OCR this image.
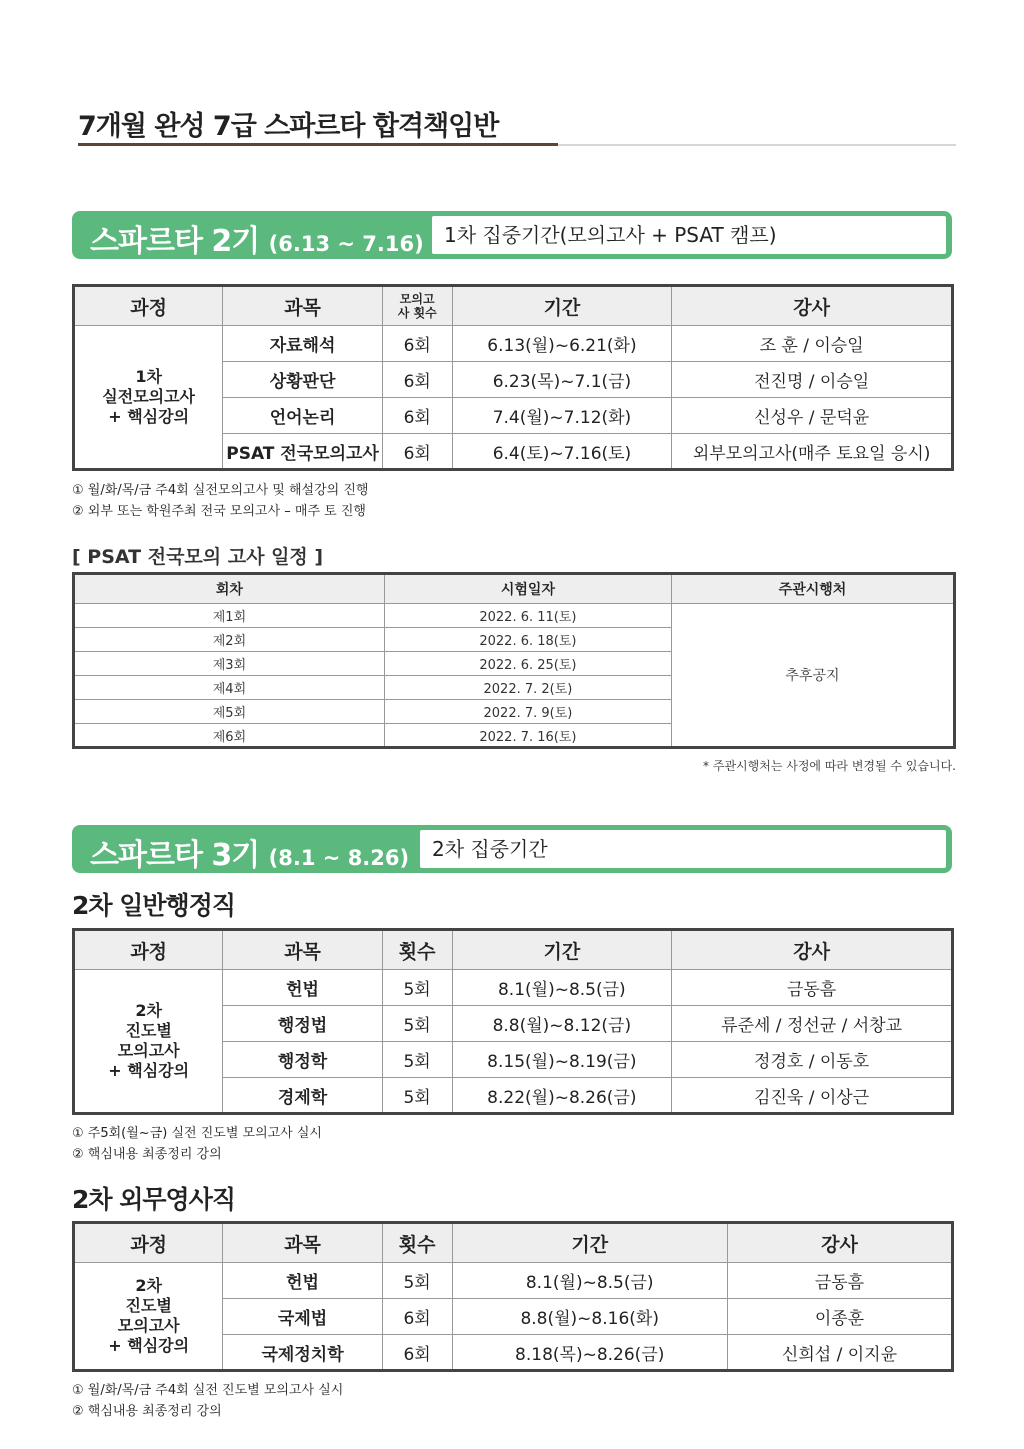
7개월 완성 7급 스파르타 합격책임반
스파르타 2기 (6.13 ~ 7.16)	1차 집중기간(모의고사 + PSAT 캠프)
과정	과목	모의고사 횟수	기간	강사

1차
실전모의고사
+ 핵심강의	자료해석	6회	6.13(월)~6.21(화)	조 훈 / 이승일
	상황판단	6회	6.23(목)~7.1(금)	전진명 / 이승일
	언어논리	6회	7.4(월)~7.12(화)	신성우 / 문덕윤
	PSAT 전국모의고사	6회	6.4(토)~7.16(토)	외부모의고사(매주 토요일 응시)
① 월/화/목/금 주4회 실전모의고사 및 해설강의 진행
② 외부 또는 학원주최 전국 모의고사 – 매주 토 진행
[ PSAT 전국모의 고사 일정 ]
회차	시험일자	주관시행처
제1회	2022. 6. 11(토)	추후공지
제2회	2022. 6. 18(토)	
제3회	2022. 6. 25(토)	
제4회	2022. 7. 2(토)	
제5회	2022. 7. 9(토)	
제6회	2022. 7. 16(토)	
* 주관시행처는 사정에 따라 변경될 수 있습니다.
스파르타 3기 (8.1 ~ 8.26)	2차 집중기간
2차 일반행정직
과정	과목	횟수	기간	강사

2차
진도별
모의고사
+ 핵심강의	헌법	5회	8.1(월)~8.5(금)	금동흠
	행정법	5회	8.8(월)~8.12(금)	류준세 / 정선균 / 서창교
	행정학	5회	8.15(월)~8.19(금)	정경호 / 이동호
	경제학	5회	8.22(월)~8.26(금)	김진욱 / 이상근
① 주5회(월~금) 실전 진도별 모의고사 실시
② 핵심내용 최종정리 강의
2차 외무영사직
과정	과목	횟수	기간	강사

2차
진도별
모의고사
+ 핵심강의	헌법	5회	8.1(월)~8.5(금)	금동흠
	국제법	6회	8.8(월)~8.16(화)	이종훈
	국제정치학	6회	8.18(목)~8.26(금)	신희섭 / 이지윤
① 월/화/목/금 주4회 실전 진도별 모의고사 실시
② 핵심내용 최종정리 강의
